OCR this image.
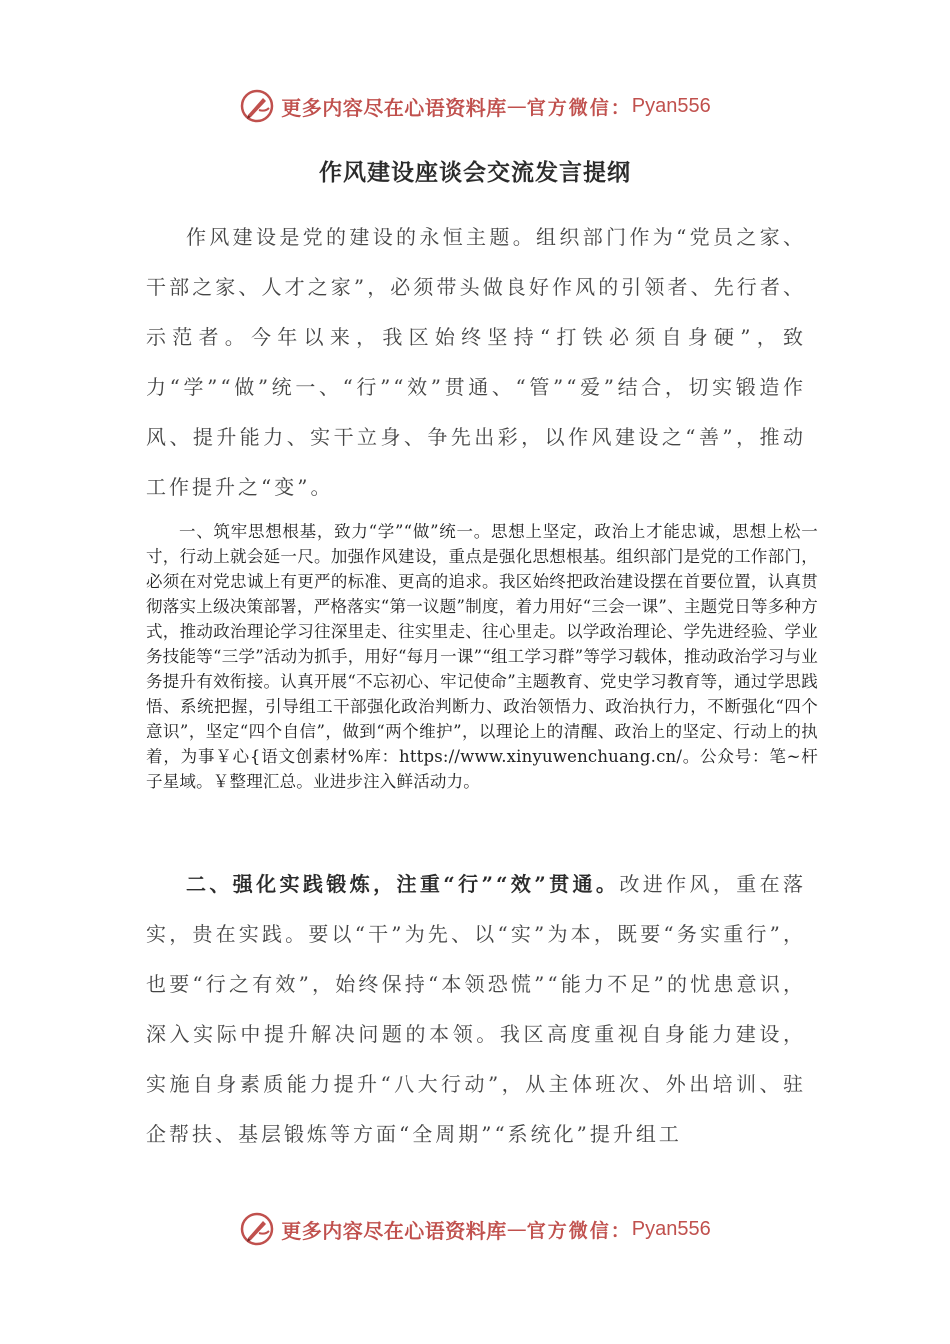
更多内容尽在心语资料库 — 官方微信： Pyan556
作风建设座谈会交流发言提纲

作风建设是党的建设的永恒主题。组织部门作为“党员之家、干部之家、人才之家”，必须带头做良好作风的引领者、先行者、示范者。今年以来，我区始终坚持“打铁必须自身硬”，致力“学”“做”统一、“行”“效”贯通、“管”“爱”结合，切实锻造作风、提升能力、实干立身、争先出彩，以作风建设之“善”，推动工作提升之“变”。

一、筑牢思想根基，致力“学”“做”统一。思想上坚定，政治上才能忠诚，思想上松一寸，行动上就会延一尺。加强作风建设，重点是强化思想根基。组织部门是党的工作部门，必须在对党忠诚上有更严的标准、更高的追求。我区始终把政治建设摆在首要位置，认真贯彻落实上级决策部署，严格落实“第一议题”制度，着力用好“三会一课”、主题党日等多种方式，推动政治理论学习往深里走、往实里走、往心里走。以学政治理论、学先进经验、学业务技能等“三学”活动为抓手，用好“每月一课”“组工学习群”等学习载体，推动政治学习与业务提升有效衔接。认真开展“不忘初心、牢记使命”主题教育、党史学习教育等，通过学思践悟、系统把握，引导组工干部强化政治判断力、政治领悟力、政治执行力，不断强化“四个意识”，坚定“四个自信”，做到“两个维护”，以理论上的清醒、政治上的坚定、行动上的执着，为事￥心{语文创素材%库：https://www.xinyuwenchuang.cn/。公众号：笔~杆子星域。￥整理汇总。业进步注入鲜活动力。

二、强化实践锻炼，注重“行”“效”贯通。改进作风，重在落实，贵在实践。要以“干”为先、以“实”为本，既要“务实重行”，也要“行之有效”，始终保持“本领恐慌”“能力不足”的忧患意识，深入实际中提升解决问题的本领。我区高度重视自身能力建设，实施自身素质能力提升“八大行动”，从主体班次、外出培训、驻企帮扶、基层锻炼等方面“全周期”“系统化”提升组工

更多内容尽在心语资料库 — 官方微信： Pyan556
